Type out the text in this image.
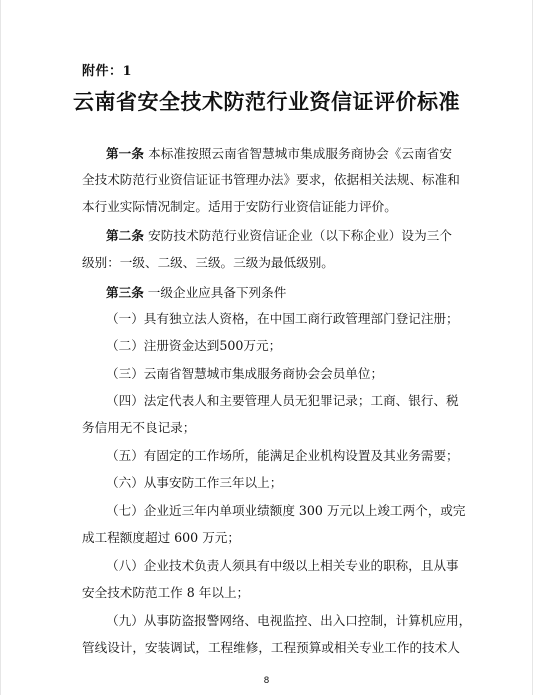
附件：1
云南省安全技术防范行业资信证评价标准
第一条 本标准按照云南省智慧城市集成服务商协会《云南省安
全技术防范行业资信证证书管理办法》要求，依据相关法规、标准和
本行业实际情况制定。适用于安防行业资信证能力评价。
第二条 安防技术防范行业资信证企业（以下称企业）设为三个
级别：一级、二级、三级。三级为最低级别。
第三条 一级企业应具备下列条件
（一）具有独立法人资格，在中国工商行政管理部门登记注册；
（二）注册资金达到500万元；
（三）云南省智慧城市集成服务商协会会员单位；
（四）法定代表人和主要管理人员无犯罪记录；工商、银行、税
务信用无不良记录；
（五）有固定的工作场所，能满足企业机构设置及其业务需要；
（六）从事安防工作三年以上；
（七）企业近三年内单项业绩额度 300 万元以上竣工两个，或完
成工程额度超过 600 万元；
（八）企业技术负责人须具有中级以上相关专业的职称，且从事
安全技术防范工作 8 年以上；
（九）从事防盗报警网络、电视监控、出入口控制，计算机应用，
管线设计，安装调试，工程维修，工程预算或相关专业工作的技术人
8
